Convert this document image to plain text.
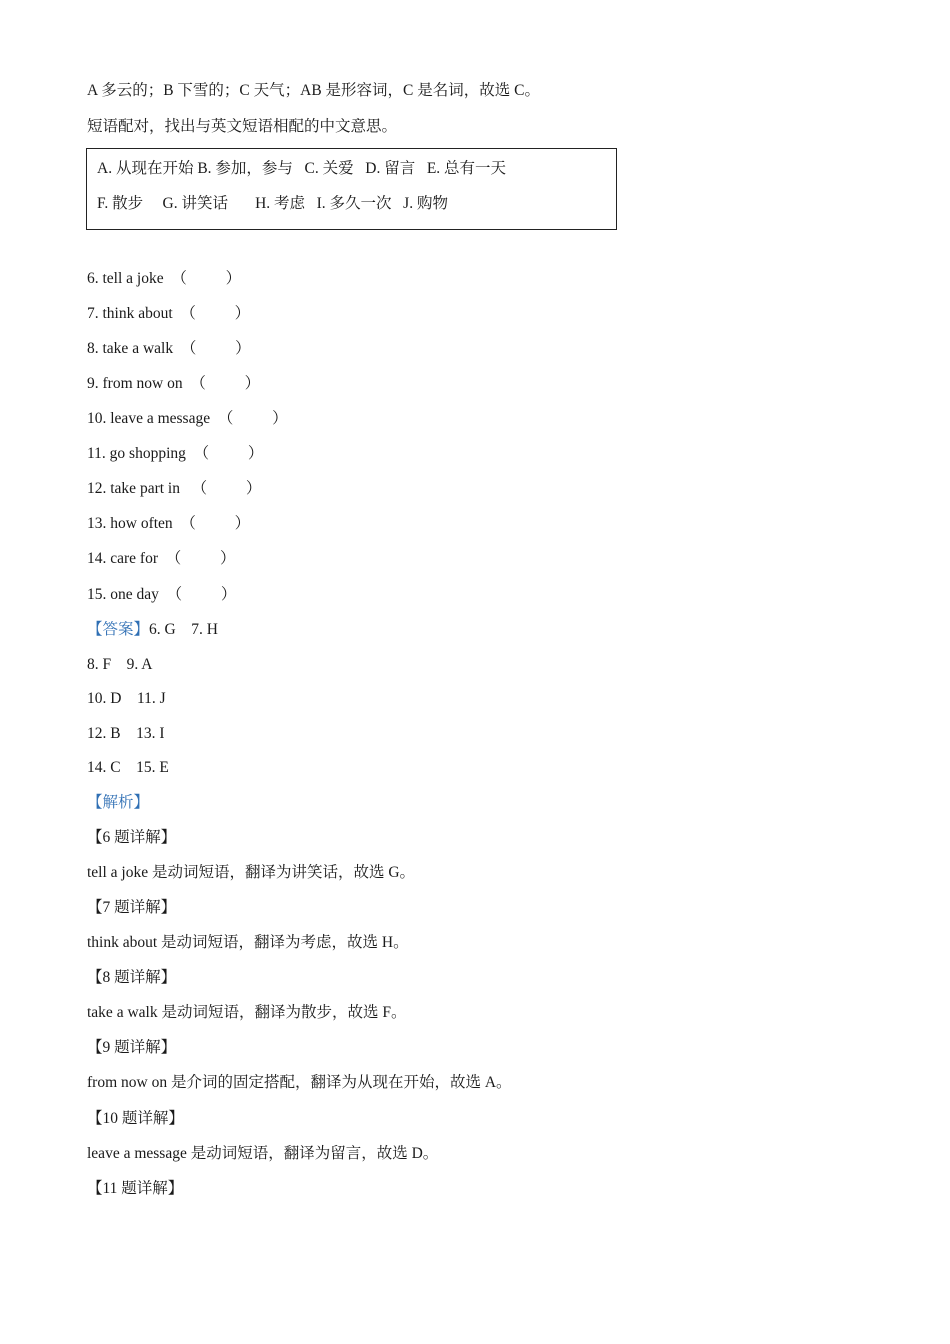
A 多云的；B 下雪的；C 天气；AB 是形容词，C 是名词，故选 C。
短语配对，找出与英文短语相配的中文意思。
A. 从现在开始 B. 参加，参与   C. 关爱   D. 留言   E. 总有一天
F. 散步     G. 讲笑话       H. 考虑   I. 多久一次   J. 购物
6. tell a joke  （          ）
7. think about  （          ）
8. take a walk  （          ）
9. from now on  （          ）
10. leave a message  （          ）
11. go shopping  （          ）
12. take part in   （          ）
13. how often  （          ）
14. care for  （          ）
15. one day  （          ）
【答案】6. G    7. H
8. F    9. A
10. D    11. J
12. B    13. I
14. C    15. E
【解析】
【6 题详解】
tell a joke 是动词短语，翻译为讲笑话，故选 G。
【7 题详解】
think about 是动词短语，翻译为考虑，故选 H。
【8 题详解】
take a walk 是动词短语，翻译为散步，故选 F。
【9 题详解】
from now on 是介词的固定搭配，翻译为从现在开始，故选 A。
【10 题详解】
leave a message 是动词短语，翻译为留言，故选 D。
【11 题详解】
